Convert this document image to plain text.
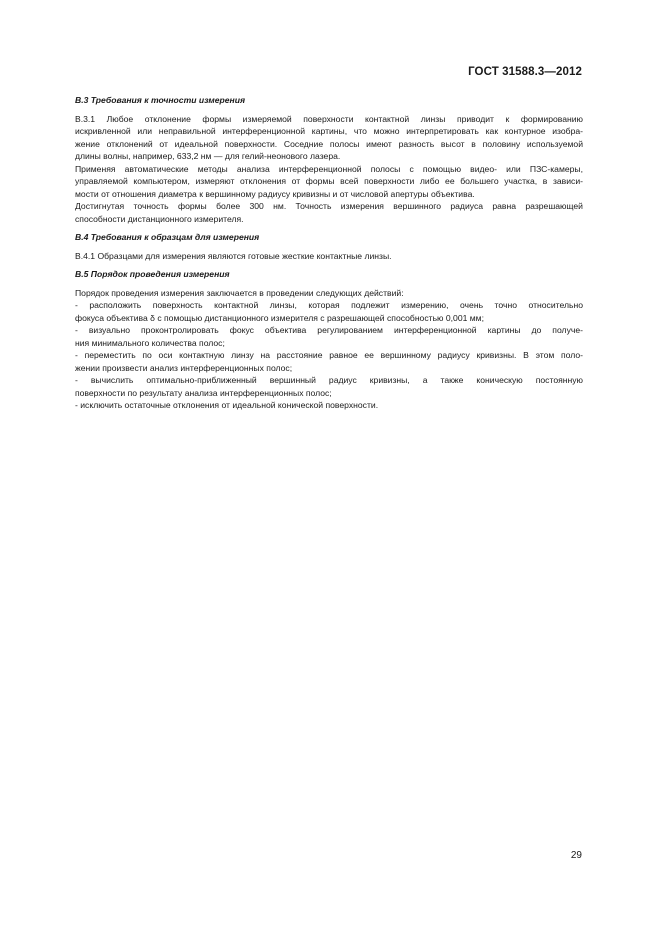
ГОСТ 31588.3—2012
В.3 Требования к точности измерения
В.3.1 Любое отклонение формы измеряемой поверхности контактной линзы приводит к формированию
искривленной или неправильной интерференционной картины, что можно интерпретировать как контурное изобра-
жение отклонений от идеальной поверхности. Соседние полосы имеют разность высот в половину используемой
длины волны, например, 633,2 нм — для гелий-неонового лазера.
Применяя автоматические методы анализа интерференционной полосы с помощью видео- или ПЗС-камеры,
управляемой компьютером, измеряют отклонения от формы всей поверхности либо ее большего участка, в зависи-
мости от отношения диаметра к вершинному радиусу кривизны и от числовой апертуры объектива.
Достигнутая точность формы более 300 нм. Точность измерения вершинного радиуса равна разрешающей
способности дистанционного измерителя.
В.4 Требования к образцам для измерения
В.4.1 Образцами для измерения являются готовые жесткие контактные линзы.
В.5 Порядок проведения измерения
Порядок проведения измерения заключается в проведении следующих действий:
- расположить поверхность контактной линзы, которая подлежит измерению, очень точно относительно
фокуса объектива δ с помощью дистанционного измерителя с разрешающей способностью 0,001 мм;
- визуально проконтролировать фокус объектива регулированием интерференционной картины до получе-
ния минимального количества полос;
- переместить по оси контактную линзу на расстояние равное ее вершинному радиусу кривизны. В этом поло-
жении произвести анализ интерференционных полос;
- вычислить оптимально-приближенный вершинный радиус кривизны, а также коническую постоянную
поверхности по результату анализа интерференционных полос;
- исключить остаточные отклонения от идеальной конической поверхности.
29
